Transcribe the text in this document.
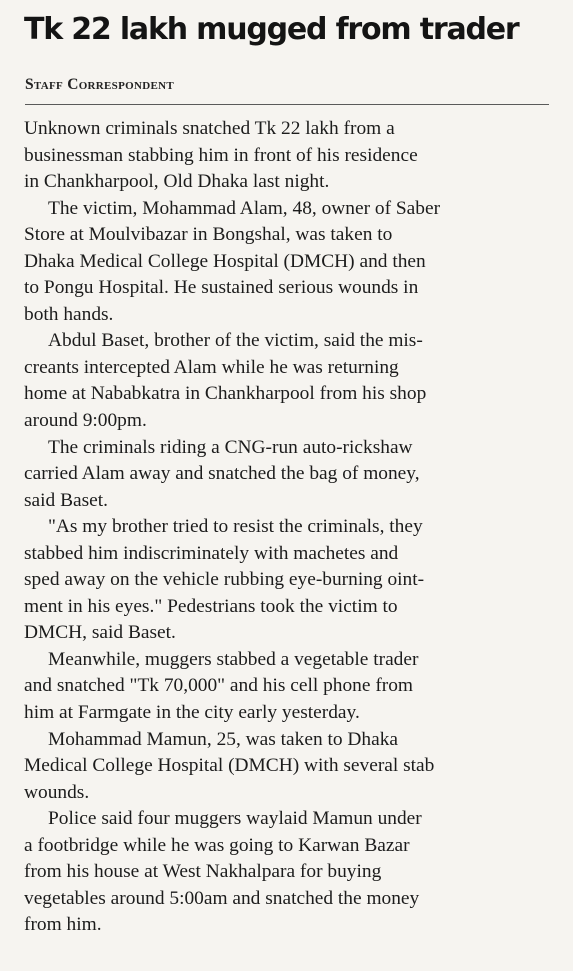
Tk 22 lakh mugged from trader
Staff Correspondent
Unknown criminals snatched Tk 22 lakh from a
businessman stabbing him in front of his residence
in Chankharpool, Old Dhaka last night.
The victim, Mohammad Alam, 48, owner of Saber
Store at Moulvibazar in Bongshal, was taken to
Dhaka Medical College Hospital (DMCH) and then
to Pongu Hospital. He sustained serious wounds in
both hands.
Abdul Baset, brother of the victim, said the mis-
creants intercepted Alam while he was returning
home at Nababkatra in Chankharpool from his shop
around 9:00pm.
The criminals riding a CNG-run auto-rickshaw
carried Alam away and snatched the bag of money,
said Baset.
"As my brother tried to resist the criminals, they
stabbed him indiscriminately with machetes and
sped away on the vehicle rubbing eye-burning oint-
ment in his eyes." Pedestrians took the victim to
DMCH, said Baset.
Meanwhile, muggers stabbed a vegetable trader
and snatched "Tk 70,000" and his cell phone from
him at Farmgate in the city early yesterday.
Mohammad Mamun, 25, was taken to Dhaka
Medical College Hospital (DMCH) with several stab
wounds.
Police said four muggers waylaid Mamun under
a footbridge while he was going to Karwan Bazar
from his house at West Nakhalpara for buying
vegetables around 5:00am and snatched the money
from him.
